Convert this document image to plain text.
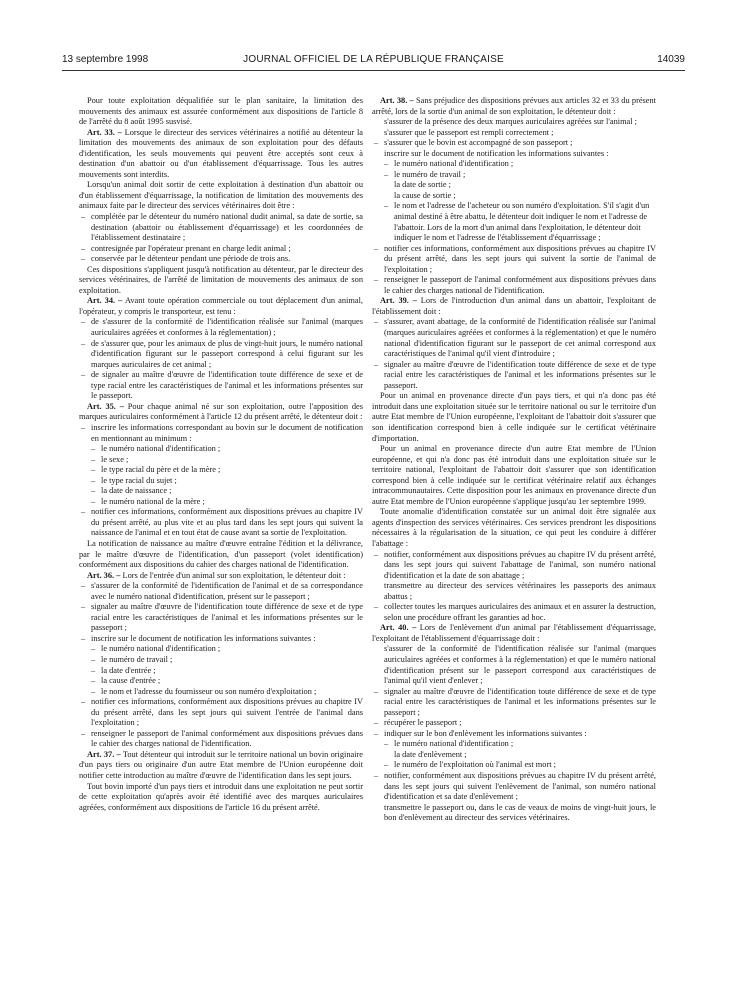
13 septembre 1998	JOURNAL OFFICIEL DE LA RÉPUBLIQUE FRANÇAISE	14039

Pour toute exploitation déqualifiée sur le plan sanitaire, la limitation des mouvements des animaux est assurée conformément aux dispositions de l'article 8 de l'arrêté du 8 août 1995 susvisé.

Art. 33. – Lorsque le directeur des services vétérinaires a notifié au détenteur la limitation des mouvements des animaux de son exploitation pour des défauts d'identification, les seuls mouvements qui peuvent être acceptés sont ceux à destination d'un abattoir ou d'un établissement d'équarrissage. Tous les autres mouvements sont interdits.

Lorsqu'un animal doit sortir de cette exploitation à destination d'un abattoir ou d'un établissement d'équarrissage, la notification de limitation des mouvements des animaux faite par le directeur des services vétérinaires doit être :

– complétée par le détenteur du numéro national dudit animal, sa date de sortie, sa destination (abattoir ou établissement d'équarrissage) et les coordonnées de l'établissement destinataire ;
– contresignée par l'opérateur prenant en charge ledit animal ;
– conservée par le détenteur pendant une période de trois ans.

Ces dispositions s'appliquent jusqu'à notification au détenteur, par le directeur des services vétérinaires, de l'arrêté de limitation de mouvements des animaux de son exploitation.

Art. 34. – Avant toute opération commerciale ou tout déplacement d'un animal, l'opérateur, y compris le transporteur, est tenu :

– de s'assurer de la conformité de l'identification réalisée sur l'animal (marques auriculaires agréées et conformes à la réglementation) ;
– de s'assurer que, pour les animaux de plus de vingt-huit jours, le numéro national d'identification figurant sur le passeport correspond à celui figurant sur les marques auriculaires de cet animal ;
– de signaler au maître d'œuvre de l'identification toute différence de sexe et de type racial entre les caractéristiques de l'animal et les informations présentes sur le passeport.

Art. 35. – Pour chaque animal né sur son exploitation, outre l'apposition des marques auriculaires conformément à l'article 12 du présent arrêté, le détenteur doit :

– inscrire les informations correspondant au bovin sur le document de notification en mentionnant au minimum :
– le numéro national d'identification ;
– le sexe ;
– le type racial du père et de la mère ;
– le type racial du sujet ;
– la date de naissance ;
– le numéro national de la mère ;
– notifier ces informations, conformément aux dispositions prévues au chapitre IV du présent arrêté, au plus vite et au plus tard dans les sept jours qui suivent la naissance de l'animal et en tout état de cause avant sa sortie de l'exploitation.

La notification de naissance au maître d'œuvre entraîne l'édition et la délivrance, par le maître d'œuvre de l'identification, d'un passeport (volet identification) conformément aux dispositions du cahier des charges national de l'identification.

Art. 36. – Lors de l'entrée d'un animal sur son exploitation, le détenteur doit :

– s'assurer de la conformité de l'identification de l'animal et de sa correspondance avec le numéro national d'identification, présent sur le passeport ;
– signaler au maître d'œuvre de l'identification toute différence de sexe et de type racial entre les caractéristiques de l'animal et les informations présentes sur le passeport ;
– inscrire sur le document de notification les informations suivantes :
– le numéro national d'identification ;
– le numéro de travail ;
– la date d'entrée ;
– la cause d'entrée ;
– le nom et l'adresse du fournisseur ou son numéro d'exploitation ;
– notifier ces informations, conformément aux dispositions prévues au chapitre IV du présent arrêté, dans les sept jours qui suivent l'entrée de l'animal dans l'exploitation ;
– renseigner le passeport de l'animal conformément aux dispositions prévues dans le cahier des charges national de l'identification.

Art. 37. – Tout détenteur qui introduit sur le territoire national un bovin originaire d'un pays tiers ou originaire d'un autre Etat membre de l'Union européenne doit notifier cette introduction au maître d'œuvre de l'identification dans les sept jours.

Tout bovin importé d'un pays tiers et introduit dans une exploitation ne peut sortir de cette exploitation qu'après avoir été identifié avec des marques auriculaires agréées, conformément aux dispositions de l'article 16 du présent arrêté.

Art. 38. – Sans préjudice des dispositions prévues aux articles 32 et 33 du présent arrêté, lors de la sortie d'un animal de son exploitation, le détenteur doit :

s'assurer de la présence des deux marques auriculaires agréées sur l'animal ;
s'assurer que le passeport est rempli correctement ;
– s'assurer que le bovin est accompagné de son passeport ;
inscrire sur le document de notification les informations suivantes :
– le numéro national d'identification ;
– le numéro de travail ;
la date de sortie ;
la cause de sortie ;
– le nom et l'adresse de l'acheteur ou son numéro d'exploitation. S'il s'agit d'un animal destiné à être abattu, le détenteur doit indiquer le nom et l'adresse de l'abattoir. Lors de la mort d'un animal dans l'exploitation, le détenteur doit indiquer le nom et l'adresse de l'établissement d'équarrissage ;
– notifier ces informations, conformément aux dispositions prévues au chapitre IV du présent arrêté, dans les sept jours qui suivent la sortie de l'animal de l'exploitation ;
– renseigner le passeport de l'animal conformément aux dispositions prévues dans le cahier des charges national de l'identification.

Art. 39. – Lors de l'introduction d'un animal dans un abattoir, l'exploitant de l'établissement doit :

– s'assurer, avant abattage, de la conformité de l'identification réalisée sur l'animal (marques auriculaires agréées et conformes à la réglementation) et que le numéro national d'identification figurant sur le passeport de cet animal correspond aux caractéristiques de l'animal qu'il vient d'introduire ;
– signaler au maître d'œuvre de l'identification toute différence de sexe et de type racial entre les caractéristiques de l'animal et les informations présentes sur le passeport.

Pour un animal en provenance directe d'un pays tiers, et qui n'a donc pas été introduit dans une exploitation située sur le territoire national ou sur le territoire d'un autre Etat membre de l'Union européenne, l'exploitant de l'abattoir doit s'assurer que son identification correspond bien à celle indiquée sur le certificat vétérinaire d'importation.

Pour un animal en provenance directe d'un autre Etat membre de l'Union européenne, et qui n'a donc pas été introduit dans une exploitation située sur le territoire national, l'exploitant de l'abattoir doit s'assurer que son identification correspond bien à celle indiquée sur le certificat vétérinaire relatif aux échanges intracommunautaires. Cette disposition pour les animaux en provenance directe d'un autre Etat membre de l'Union européenne s'applique jusqu'au 1er septembre 1999.

Toute anomalie d'identification constatée sur un animal doit être signalée aux agents d'inspection des services vétérinaires. Ces services prendront les dispositions nécessaires à la régularisation de la situation, ce qui peut les conduire à différer l'abattage :

– notifier, conformément aux dispositions prévues au chapitre IV du présent arrêté, dans les sept jours qui suivent l'abattage de l'animal, son numéro national d'identification et la date de son abattage ;
transmettre au directeur des services vétérinaires les passeports des animaux abattus ;
– collecter toutes les marques auriculaires des animaux et en assurer la destruction, selon une procédure offrant les garanties ad hoc.

Art. 40. – Lors de l'enlèvement d'un animal par l'établissement d'équarrissage, l'exploitant de l'établissement d'équarrissage doit :

s'assurer de la conformité de l'identification réalisée sur l'animal (marques auriculaires agréées et conformes à la réglementation) et que le numéro national d'identification présent sur le passeport correspond aux caractéristiques de l'animal qu'il vient d'enlever ;
– signaler au maître d'œuvre de l'identification toute différence de sexe et de type racial entre les caractéristiques de l'animal et les informations présentes sur le passeport ;
– récupérer le passeport ;
– indiquer sur le bon d'enlèvement les informations suivantes :
– le numéro national d'identification ;
la date d'enlèvement ;
– le numéro de l'exploitation où l'animal est mort ;
– notifier, conformément aux dispositions prévues au chapitre IV du présent arrêté, dans les sept jours qui suivent l'enlèvement de l'animal, son numéro national d'identification et sa date d'enlèvement ;
transmettre le passeport ou, dans le cas de veaux de moins de vingt-huit jours, le bon d'enlèvement au directeur des services vétérinaires.
